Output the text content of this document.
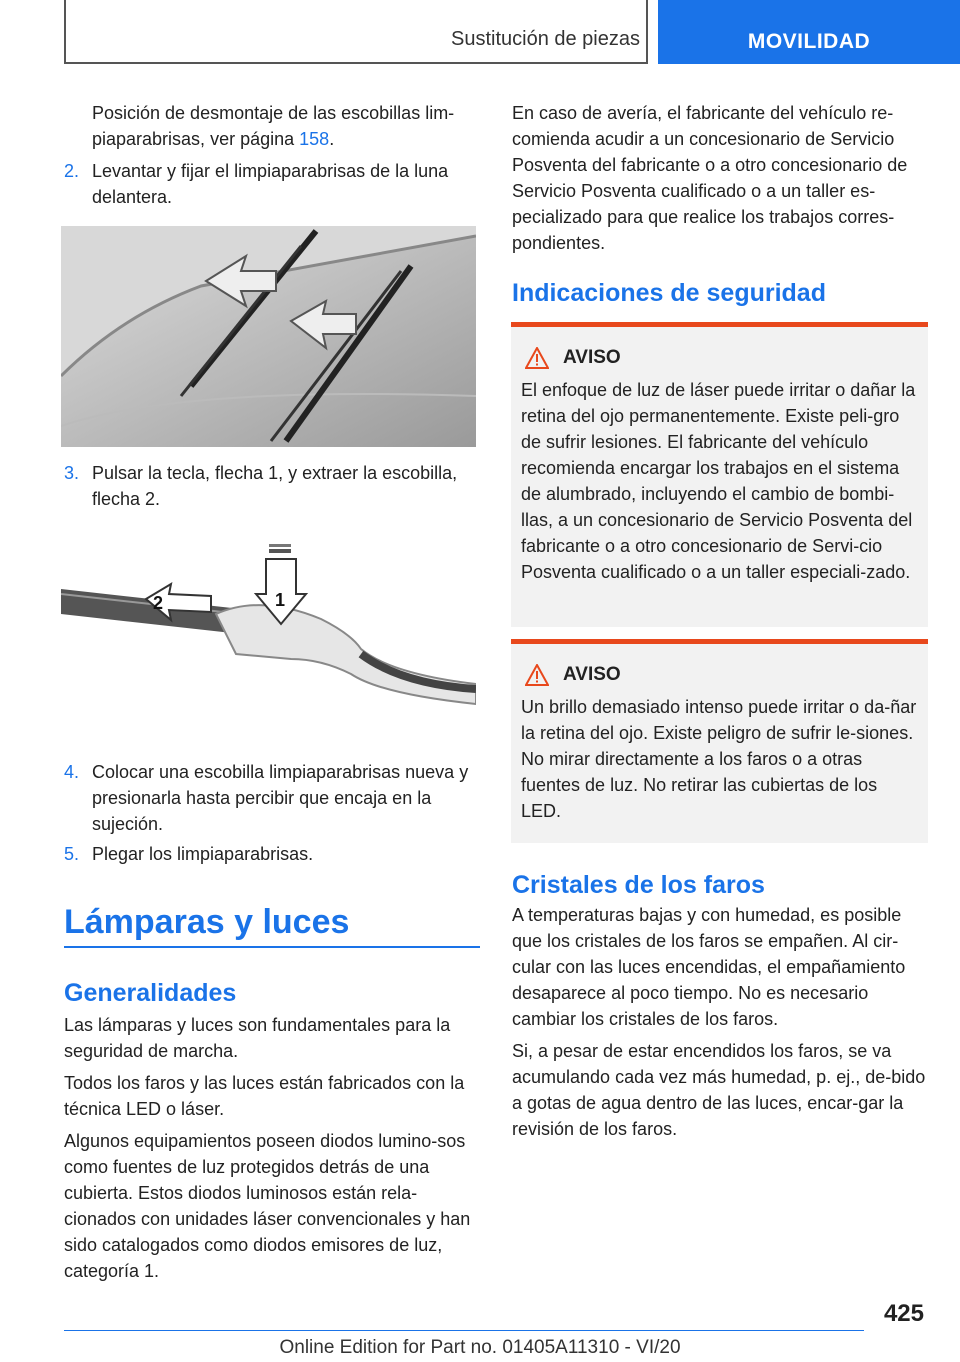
Sustitución de piezas	MOVILIDAD

Posición de desmontaje de las escobillas lim-piaparabrisas, ver página 158.

2. Levantar y fijar el limpiaparabrisas de la luna delantera.
3. Pulsar la tecla, flecha 1, y extraer la escobilla, flecha 2.
2	1
4. Colocar una escobilla limpiaparabrisas nueva y presionarla hasta percibir que encaja en la sujeción.
5. Plegar los limpiaparabrisas.
Lámparas y luces
Generalidades

Las lámparas y luces son fundamentales para la seguridad de marcha.

Todos los faros y las luces están fabricados con la técnica LED o láser.

Algunos equipamientos poseen diodos lumino-sos como fuentes de luz protegidos detrás de una cubierta. Estos diodos luminosos están rela-cionados con unidades láser convencionales y han sido catalogados como diodos emisores de luz, categoría 1.

En caso de avería, el fabricante del vehículo re-comienda acudir a un concesionario de Servicio Posventa del fabricante o a otro concesionario de Servicio Posventa cualificado o a un taller es-pecializado para que realice los trabajos corres-pondientes.

Indicaciones de seguridad
AVISO

El enfoque de luz de láser puede irritar o dañar la retina del ojo permanentemente. Existe peli-gro de sufrir lesiones. El fabricante del vehículo recomienda encargar los trabajos en el sistema de alumbrado, incluyendo el cambio de bombi-llas, a un concesionario de Servicio Posventa del fabricante o a otro concesionario de Servi-cio Posventa cualificado o a un taller especiali-zado.

AVISO

Un brillo demasiado intenso puede irritar o da-ñar la retina del ojo. Existe peligro de sufrir le-siones. No mirar directamente a los faros o a otras fuentes de luz. No retirar las cubiertas de los LED.

Cristales de los faros

A temperaturas bajas y con humedad, es posible que los cristales de los faros se empañen. Al cir-cular con las luces encendidas, el empañamiento desaparece al poco tiempo. No es necesario cambiar los cristales de los faros.

Si, a pesar de estar encendidos los faros, se va acumulando cada vez más humedad, p. ej., de-bido a gotas de agua dentro de las luces, encar-gar la revisión de los faros.

425
Online Edition for Part no. 01405A11310 - VI/20
